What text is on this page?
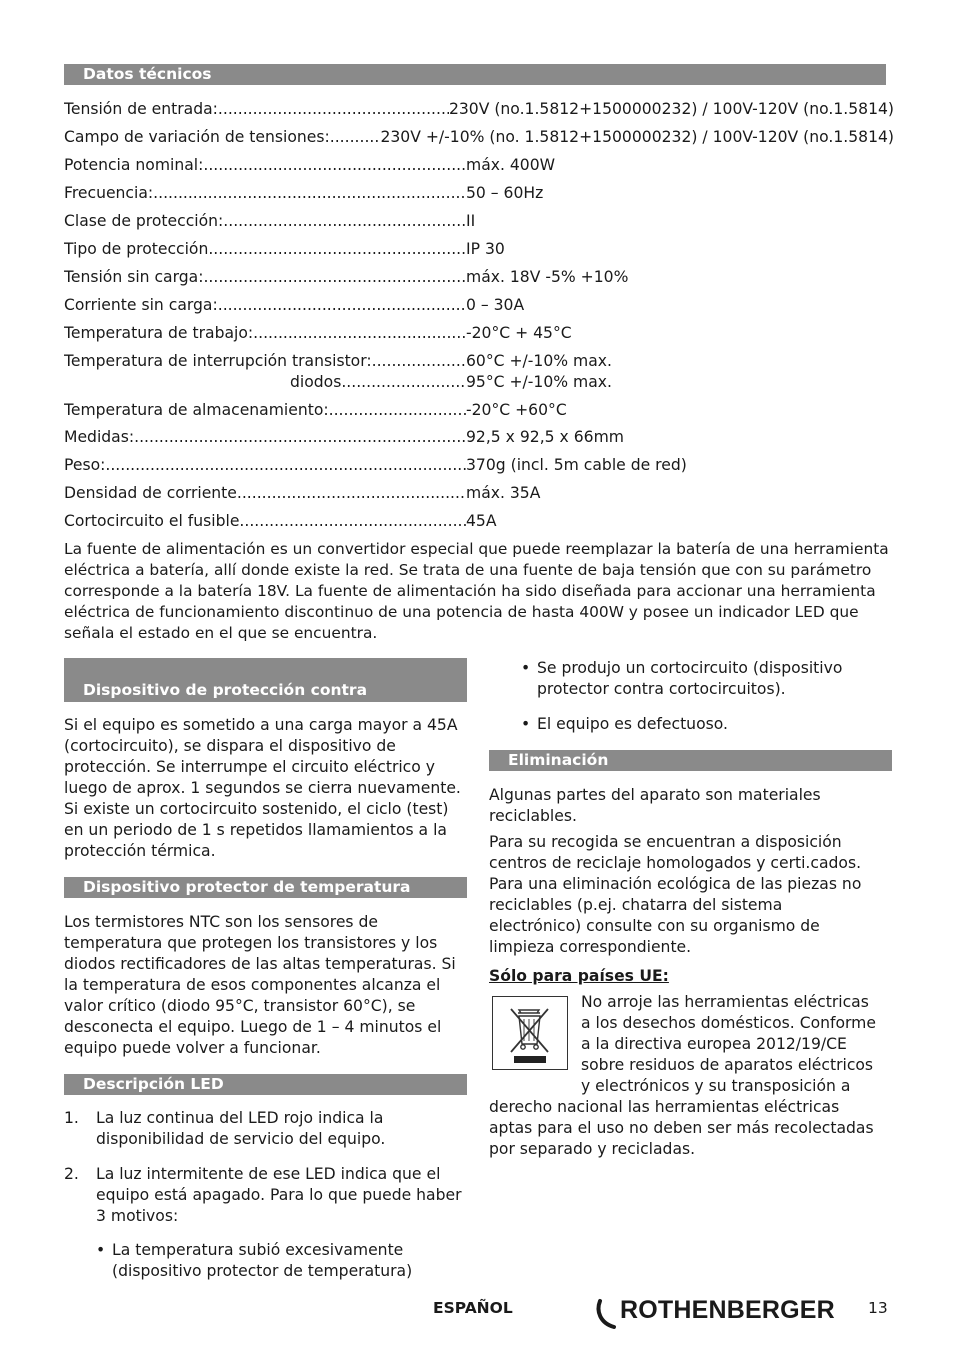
Datos técnicos
Tensión de entrada: .....	230V (no.1.5812+1500000232) / 100V-120V (no.1.5814)
Campo de variación de tensiones: .....	230V +/-10% (no. 1.5812+1500000232) / 100V-120V (no.1.5814)
Potencia nominal: .....	máx. 400W
Frecuencia: .....	50 – 60Hz
Clase de protección: .....	II
Tipo de protección .....	IP 30
Tensión sin carga: .....	máx. 18V -5% +10%
Corriente sin carga: .....	0 – 30A
Temperatura de trabajo: .....	-20°C + 45°C
Temperatura de interrupción transistor: .....	60°C +/-10% max.
diodos .....	95°C +/-10% max.
Temperatura de almacenamiento: .....	-20°C +60°C
Medidas: .....	92,5 x 92,5 x 66mm
Peso: .....	370g (incl. 5m cable de red)
Densidad de corriente .....	máx. 35A
Cortocircuito el fusible .....	45A
La fuente de alimentación es un convertidor especial que puede reemplazar la batería de una herramienta eléctrica a batería, allí donde existe la red. Se trata de una fuente de baja tensión que con su parámetro corresponde a la batería 18V. La fuente de alimentación ha sido diseñada para accionar una herramienta eléctrica de funcionamiento discontinuo de una potencia de hasta 400W y posee un indicador LED que señala el estado en el que se encuentra.

Dispositivo de protección contra
cortocircuitos

Si el equipo es sometido a una carga mayor a 45A (cortocircuito), se dispara el dispositivo de protección. Se interrumpe el circuito eléctrico y luego de aprox. 1 segundos se cierra nuevamente. Si existe un cortocircuito sostenido, el ciclo (test) en un periodo de 1 s repetidos llamamientos a la protección térmica.
Dispositivo protector de temperatura
Los termistores NTC son los sensores de temperatura que protegen los transistores y los diodos rectificadores de las altas temperaturas. Si la temperatura de esos componentes alcanza el valor crítico (diodo 95°C, transistor 60°C), se desconecta el equipo. Luego de 1 – 4 minutos el equipo puede volver a funcionar.
Descripción LED
1. La luz continua del LED rojo indica la disponibilidad de servicio del equipo.
2. La luz intermitente de ese LED indica que el equipo está apagado. Para lo que puede haber 3 motivos:
• La temperatura subió excesivamente (dispositivo protector de temperatura)
• Se produjo un cortocircuito (dispositivo protector contra cortocircuitos).
• El equipo es defectuoso.
Eliminación
Algunas partes del aparato son materiales reciclables.
Para su recogida se encuentran a disposición centros de reciclaje homologados y certi.cados. Para una eliminación ecológica de las piezas no reciclables (p.ej. chatarra del sistema electrónico) consulte con su organismo de limpieza correspondiente.
Sólo para países UE:
No arroje las herramientas eléctricas a los desechos domésticos. Conforme a la directiva europea 2012/19/CE sobre residuos de aparatos eléctricos y electrónicos y su transposición a derecho nacional las herramientas eléctricas aptas para el uso no deben ser más recolectadas por separado y recicladas.
ESPAÑOL	ROTHENBERGER 13
